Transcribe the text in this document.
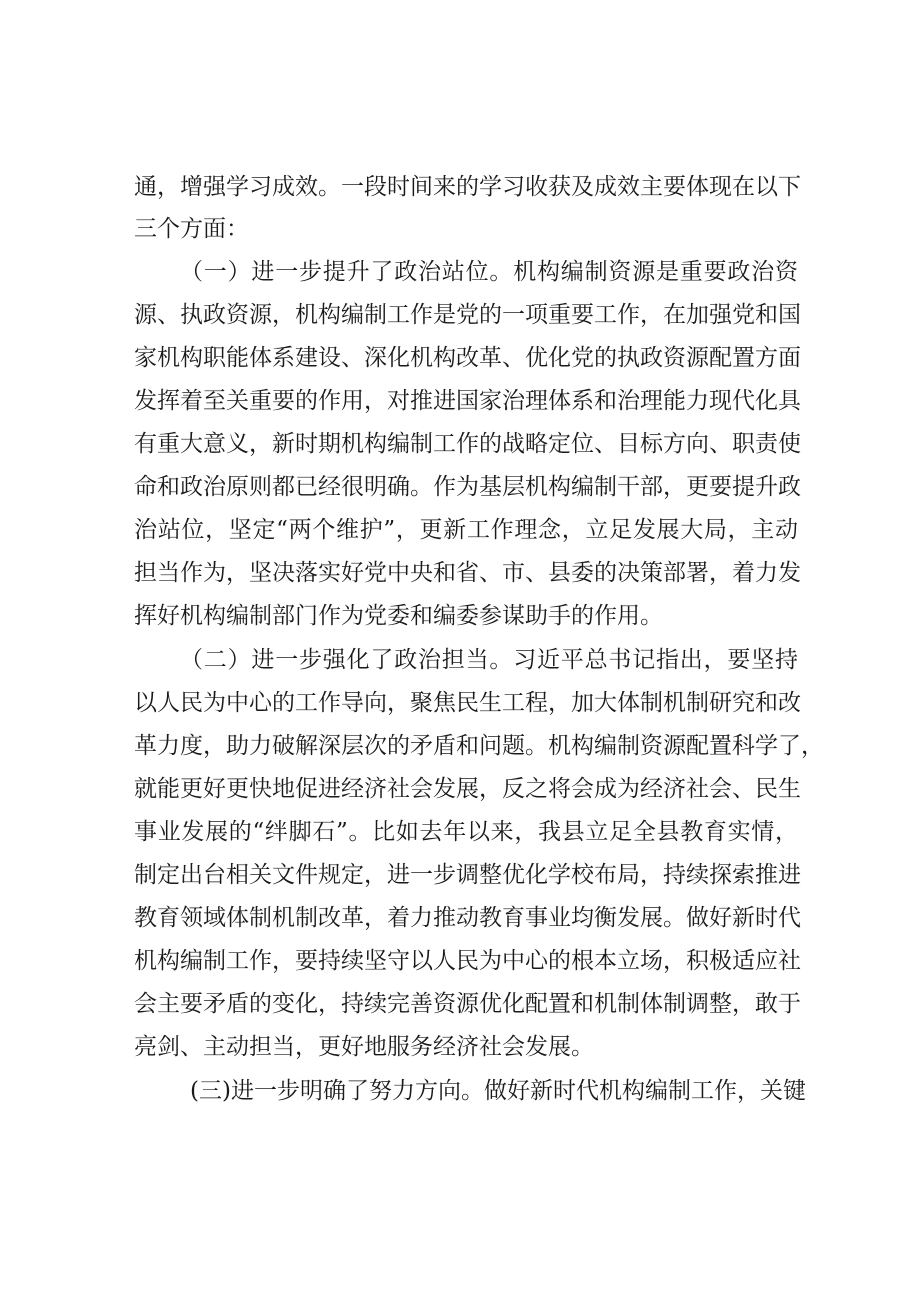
通，增强学习成效。一段时间来的学习收获及成效主要体现在以下
三个方面：
（一）进一步提升了政治站位。机构编制资源是重要政治资
源、执政资源，机构编制工作是党的一项重要工作，在加强党和国
家机构职能体系建设、深化机构改革、优化党的执政资源配置方面
发挥着至关重要的作用，对推进国家治理体系和治理能力现代化具
有重大意义，新时期机构编制工作的战略定位、目标方向、职责使
命和政治原则都已经很明确。作为基层机构编制干部，更要提升政
治站位，坚定“两个维护”，更新工作理念，立足发展大局，主动
担当作为，坚决落实好党中央和省、市、县委的决策部署，着力发
挥好机构编制部门作为党委和编委参谋助手的作用。
（二）进一步强化了政治担当。习近平总书记指出，要坚持
以人民为中心的工作导向，聚焦民生工程，加大体制机制研究和改
革力度，助力破解深层次的矛盾和问题。机构编制资源配置科学了，
就能更好更快地促进经济社会发展，反之将会成为经济社会、民生
事业发展的“绊脚石”。比如去年以来，我县立足全县教育实情，
制定出台相关文件规定，进一步调整优化学校布局，持续探索推进
教育领域体制机制改革，着力推动教育事业均衡发展。做好新时代
机构编制工作，要持续坚守以人民为中心的根本立场，积极适应社
会主要矛盾的变化，持续完善资源优化配置和机制体制调整，敢于
亮剑、主动担当，更好地服务经济社会发展。
(三)进一步明确了努力方向。做好新时代机构编制工作，关键
